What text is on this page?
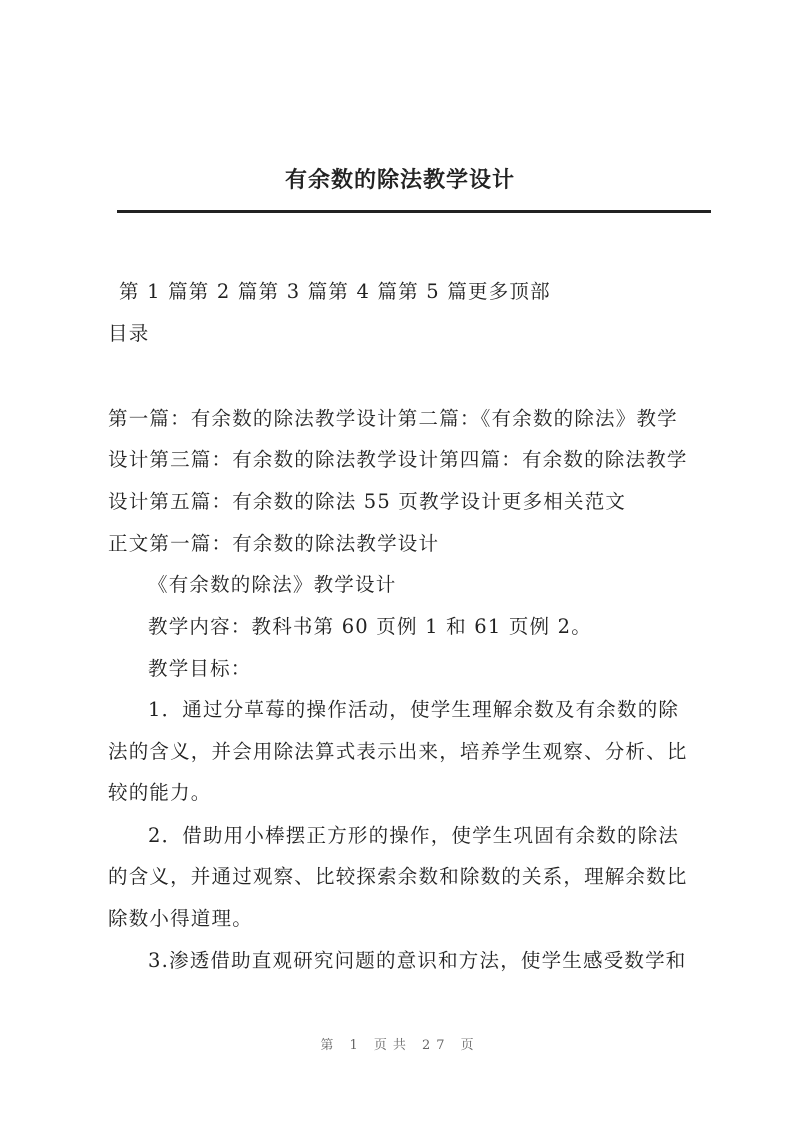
有余数的除法教学设计
第 1 篇第 2 篇第 3 篇第 4 篇第 5 篇更多顶部
目录
第一篇：有余数的除法教学设计第二篇：《有余数的除法》教学
设计第三篇：有余数的除法教学设计第四篇：有余数的除法教学
设计第五篇：有余数的除法 55 页教学设计更多相关范文
正文第一篇：有余数的除法教学设计
《有余数的除法》教学设计
教学内容：教科书第 60 页例 1 和 61 页例 2。
教学目标：
1．通过分草莓的操作活动，使学生理解余数及有余数的除
法的含义，并会用除法算式表示出来，培养学生观察、分析、比
较的能力。
2．借助用小棒摆正方形的操作，使学生巩固有余数的除法
的含义，并通过观察、比较探索余数和除数的关系，理解余数比
除数小得道理。
3.渗透借助直观研究问题的意识和方法，使学生感受数学和
第 1 页共 27 页
